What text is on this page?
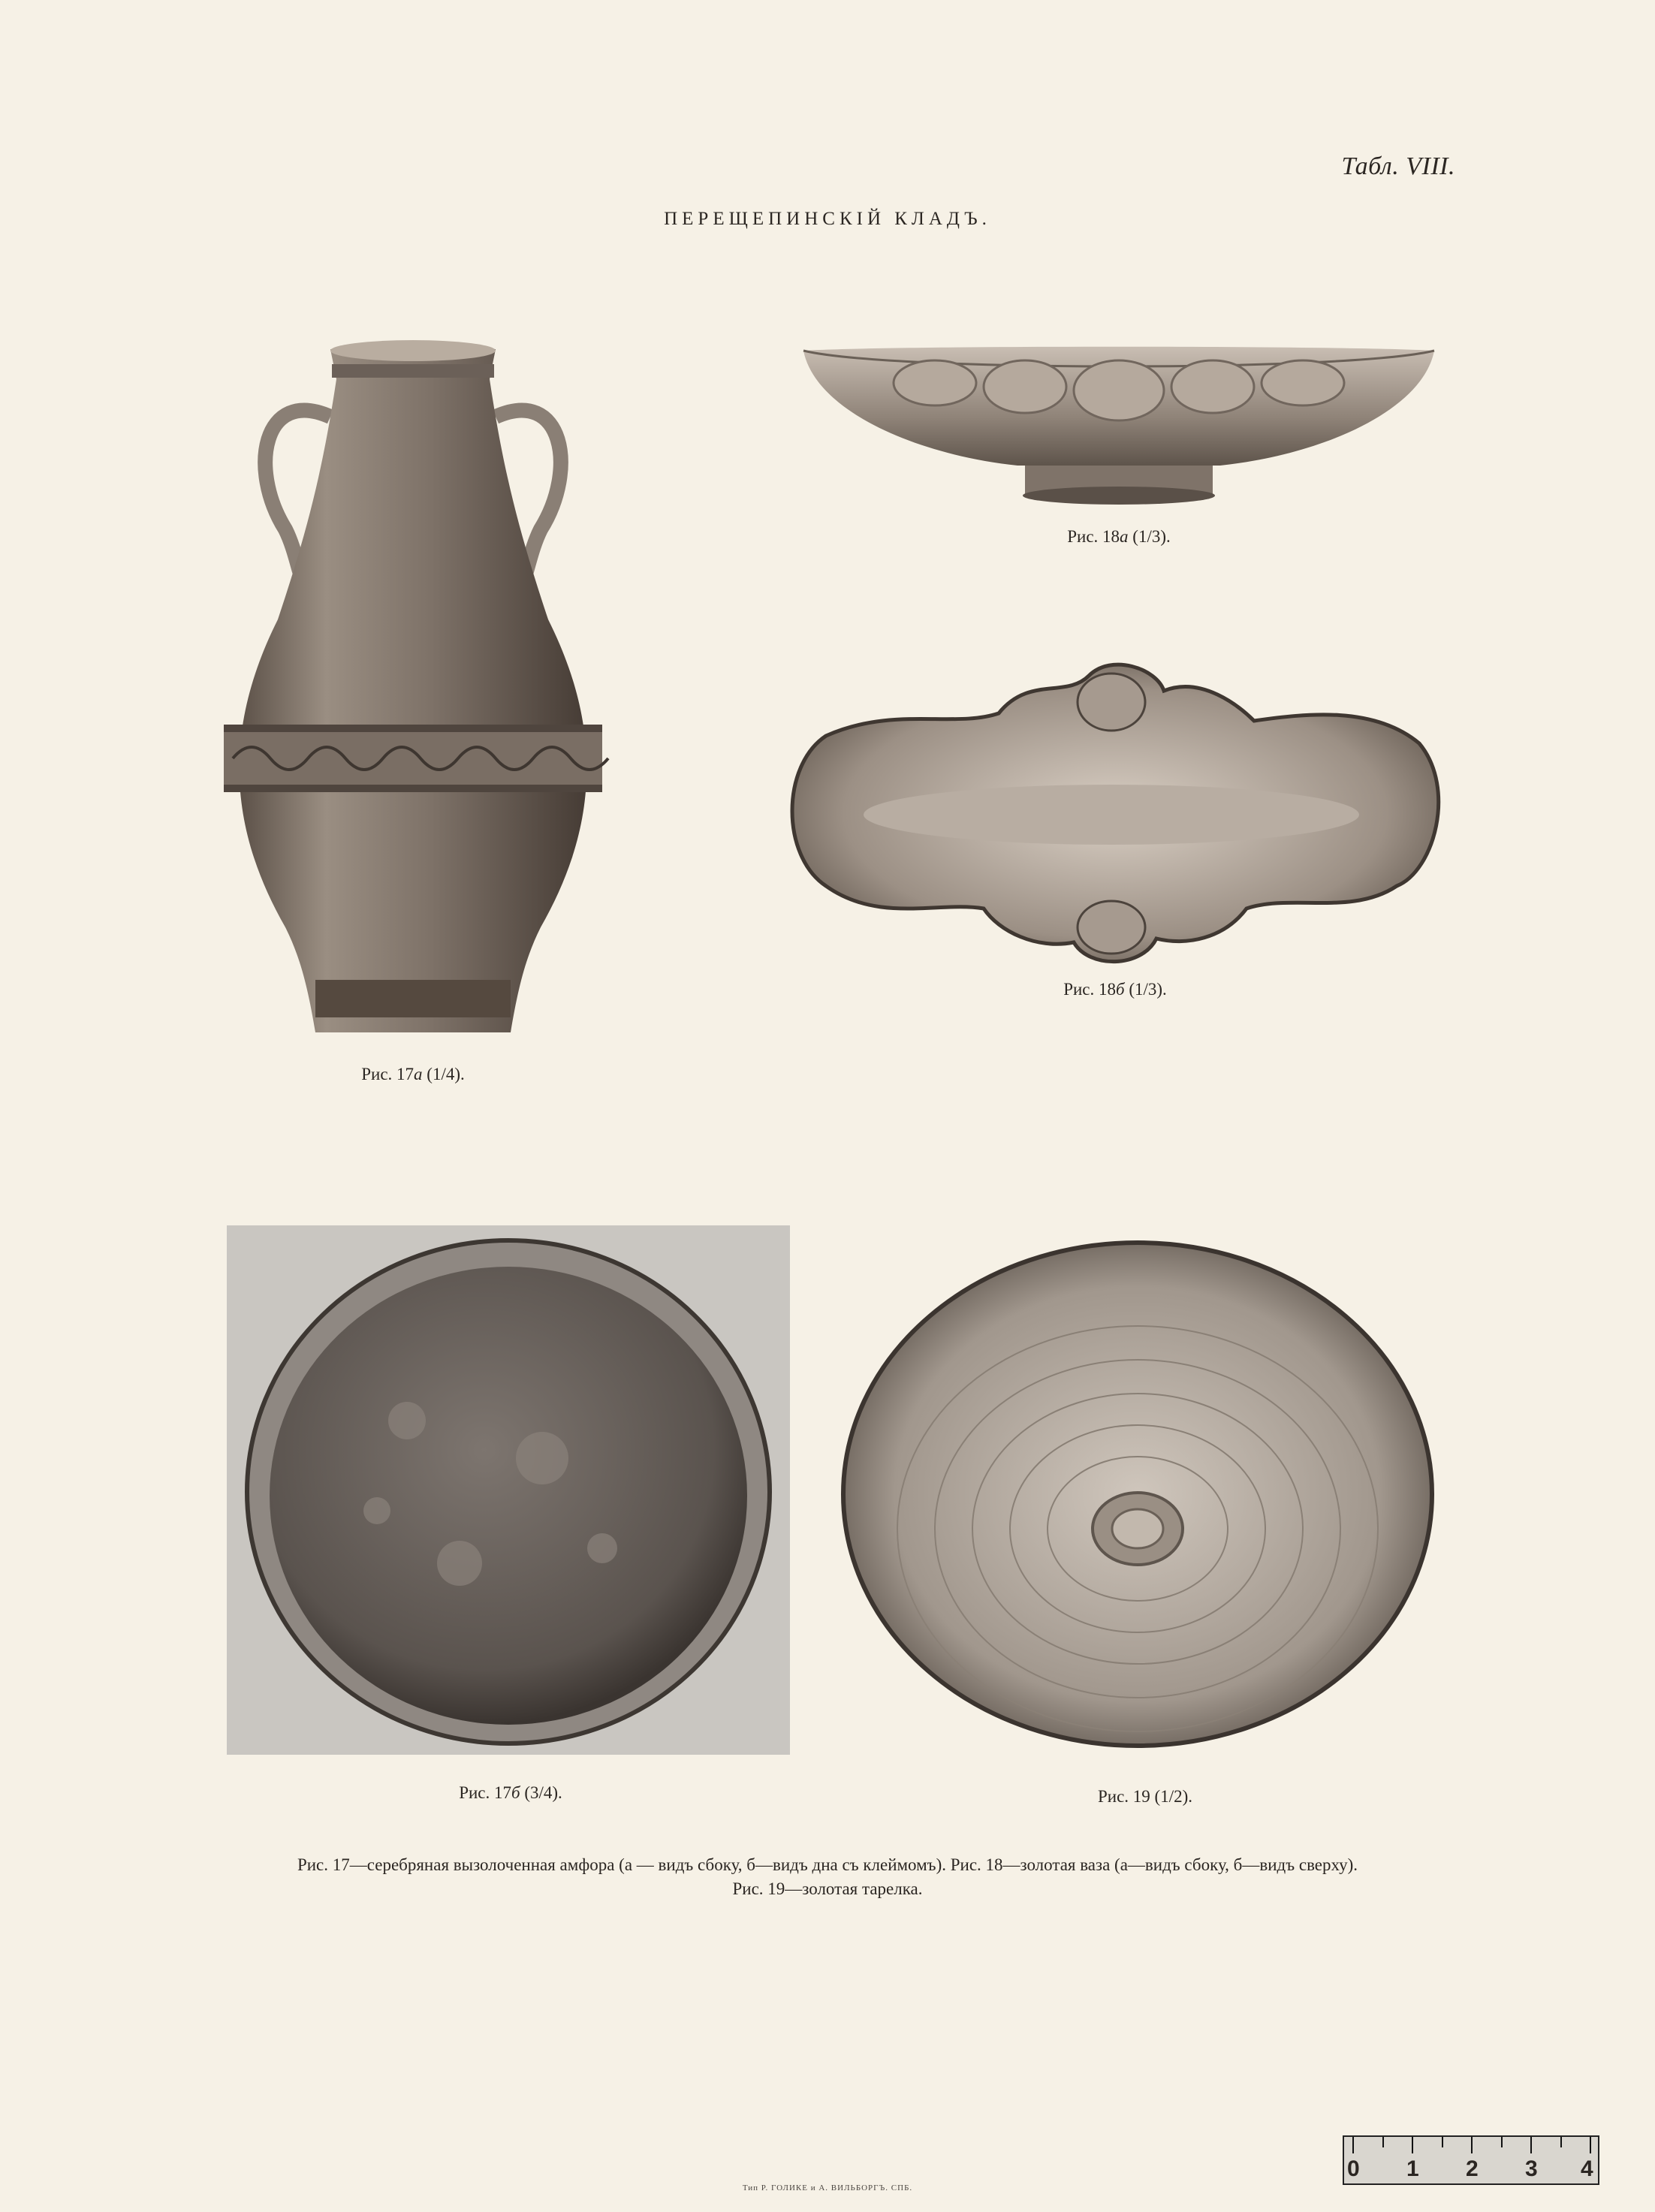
Табл. VIII.
ПЕРЕЩЕПИНСКІЙ КЛАДЪ.
Рис. 17a (1/4).
Рис. 18a (1/3).
Рис. 18б (1/3).
Рис. 17б (3/4).	Рис. 19 (1/2).
Рис. 17—серебряная вызолоченная амфора (а — видъ сбоку, б—видъ дна съ клеймомъ). Рис. 18—золотая ваза (а—видъ сбоку, б—видъ сверху).
Рис. 19—золотая тарелка.
Тип Р. ГОЛИКЕ и А. ВИЛЬБОРГЪ. СПБ.
0 1 2 3 4
